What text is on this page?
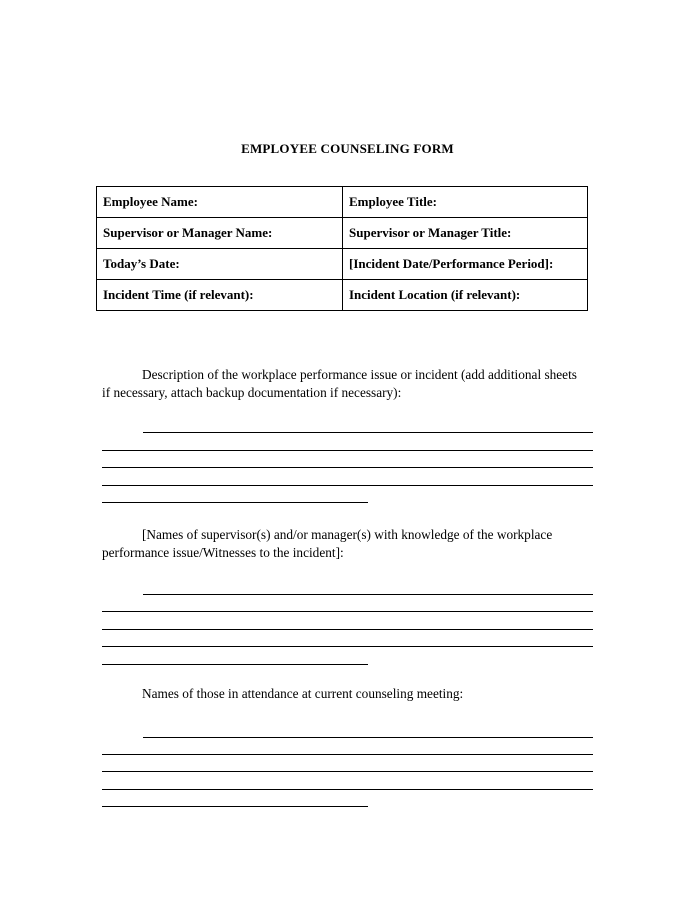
EMPLOYEE COUNSELING FORM
Employee Name:	Employee Title:
Supervisor or Manager Name:	Supervisor or Manager Title:
Today’s Date:	[Incident Date/Performance Period]:
Incident Time (if relevant):	Incident Location (if relevant):
Description of the workplace performance issue or incident (add additional sheets
if necessary, attach backup documentation if necessary):
[Names of supervisor(s) and/or manager(s) with knowledge of the workplace
performance issue/Witnesses to the incident]:
Names of those in attendance at current counseling meeting:
